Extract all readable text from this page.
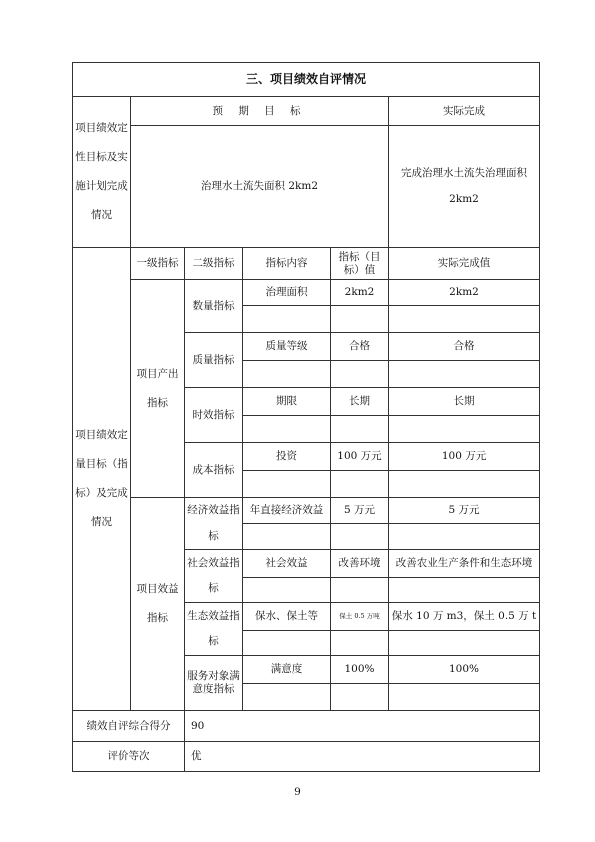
三、项目绩效自评情况					
项目绩效定性目标及实施计划完成情况	预 期 目 标				实际完成
	治理水土流失面积 2km2				完成治理水土流失治理面积 2km2
项目绩效定量目标（指标）及完成情况	一级指标	二级指标	指标内容	指标（目标）值	实际完成值
	项目产出指标	数量指标	治理面积	2km2	2km2

		质量指标	质量等级	合格	合格

		时效指标	期限	长期	长期

		成本指标	投资	100 万元	100 万元

	项目效益指标	经济效益指标	年直接经济效益	5 万元	5 万元

		社会效益指标	社会效益	改善环境	改善农业生产条件和生态环境

		生态效益指标	保水、保土等	保土 0.5 万吨	保水 10 万 m3，保土 0.5 万 t

		服务对象满意度指标	满意度	100%	100%

绩效自评综合得分		90			
评价等次		优			
9
